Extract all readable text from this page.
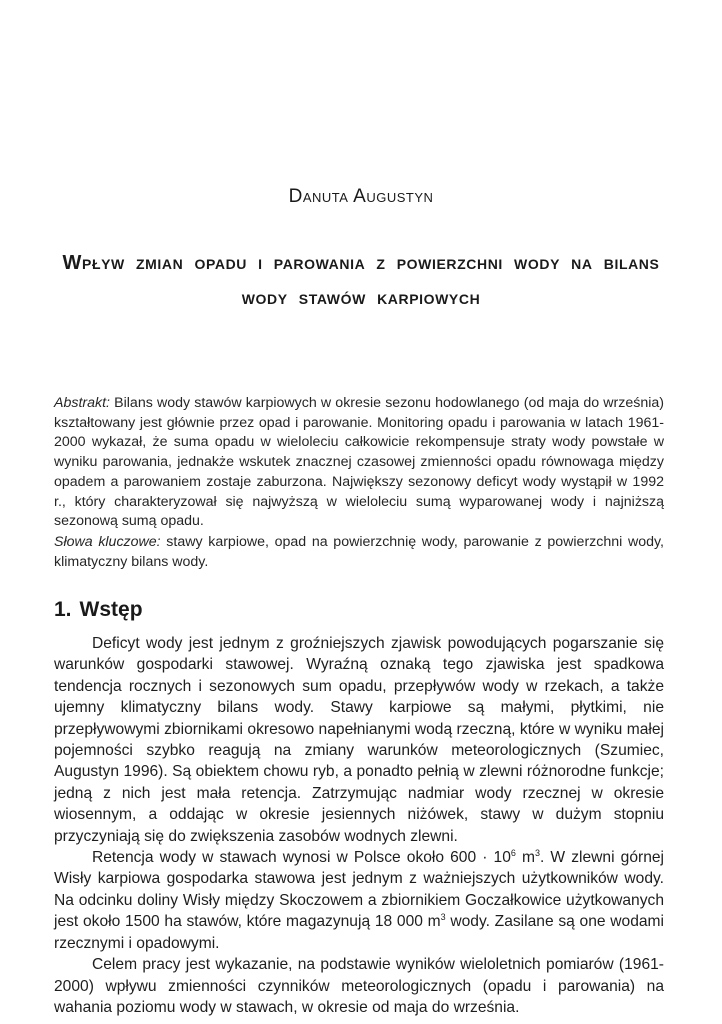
Danuta Augustyn
Wpływ zmian opadu i parowania z powierzchni wody na bilans wody stawów karpiowych
Abstrakt: Bilans wody stawów karpiowych w okresie sezonu hodowlanego (od maja do września) kształtowany jest głównie przez opad i parowanie. Monitoring opadu i parowania w latach 1961-2000 wykazał, że suma opadu w wieloleciu całkowicie rekompensuje straty wody powstałe w wyniku parowania, jednakże wskutek znacznej czasowej zmienności opadu równowaga między opadem a parowaniem zostaje zaburzona. Największy sezonowy deficyt wody wystąpił w 1992 r., który charakteryzował się najwyższą w wieloleciu sumą wyparowanej wody i najniższą sezonową sumą opadu.
Słowa kluczowe: stawy karpiowe, opad na powierzchnię wody, parowanie z powierzchni wody, klimatyczny bilans wody.
1. Wstęp

Deficyt wody jest jednym z groźniejszych zjawisk powodujących pogarszanie się warunków gospodarki stawowej. Wyraźną oznaką tego zjawiska jest spadkowa tendencja rocznych i sezonowych sum opadu, przepływów wody w rzekach, a także ujemny klimatyczny bilans wody. Stawy karpiowe są małymi, płytkimi, nie przepływowymi zbiornikami okresowo napełnianymi wodą rzeczną, które w wyniku małej pojemności szybko reagują na zmiany warunków meteorologicznych (Szumiec, Augustyn 1996). Są obiektem chowu ryb, a ponadto pełnią w zlewni różnorodne funkcje; jedną z nich jest mała retencja. Zatrzymując nadmiar wody rzecznej w okresie wiosennym, a oddając w okresie jesiennych niżówek, stawy w dużym stopniu przyczyniają się do zwiększenia zasobów wodnych zlewni.

Retencja wody w stawach wynosi w Polsce około $600 \cdot 10^6$ $m^3$. W zlewni górnej Wisły karpiowa gospodarka stawowa jest jednym z ważniejszych użytkowników wody. Na odcinku doliny Wisły między Skoczowem a zbiornikiem Goczałkowice użytkowanych jest około 1500 ha stawów, które magazynują 18 000 $m^3$ wody. Zasilane są one wodami rzecznymi i opadowymi.

Celem pracy jest wykazanie, na podstawie wyników wieloletnich pomiarów (1961-2000) wpływu zmienności czynników meteorologicznych (opadu i parowania) na wahania poziomu wody w stawach, w okresie od maja do września.
